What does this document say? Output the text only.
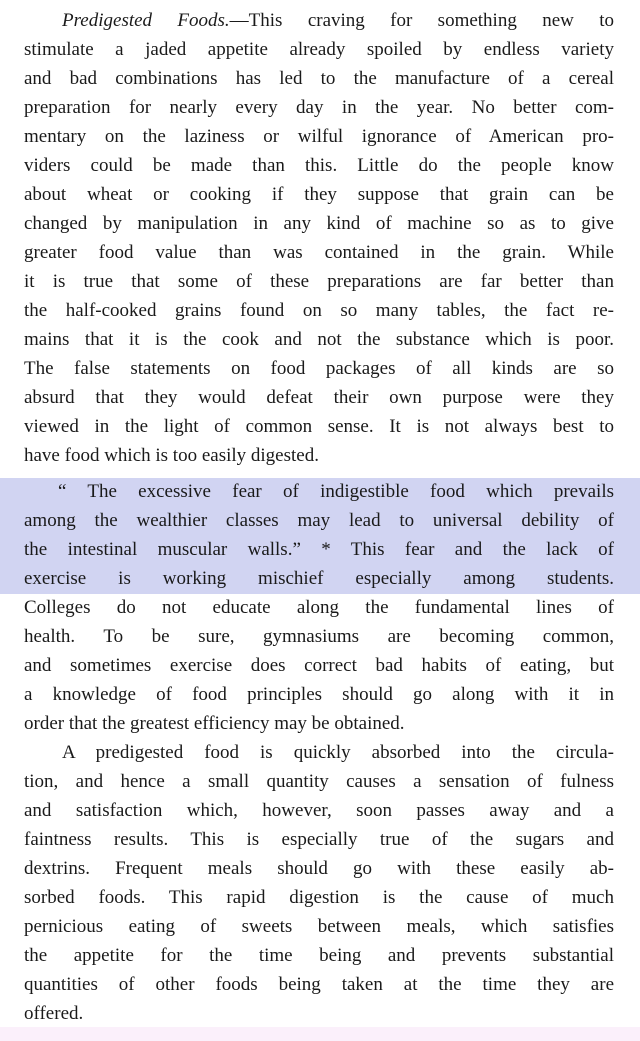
Predigested Foods.—This craving for something new to
stimulate a jaded appetite already spoiled by endless variety
and bad combinations has led to the manufacture of a cereal
preparation for nearly every day in the year. No better com-
mentary on the laziness or wilful ignorance of American pro-
viders could be made than this. Little do the people know
about wheat or cooking if they suppose that grain can be
changed by manipulation in any kind of machine so as to give
greater food value than was contained in the grain. While
it is true that some of these preparations are far better than
the half-cooked grains found on so many tables, the fact re-
mains that it is the cook and not the substance which is poor.
The false statements on food packages of all kinds are so
absurd that they would defeat their own purpose were they
viewed in the light of common sense. It is not always best to
have food which is too easily digested.
“ The excessive fear of indigestible food which prevails
among the wealthier classes may lead to universal debility of
the intestinal muscular walls.” * This fear and the lack of
exercise is working mischief especially among students.
Colleges do not educate along the fundamental lines of
health. To be sure, gymnasiums are becoming common,
and sometimes exercise does correct bad habits of eating, but
a knowledge of food principles should go along with it in
order that the greatest efficiency may be obtained.
A predigested food is quickly absorbed into the circula-
tion, and hence a small quantity causes a sensation of fulness
and satisfaction which, however, soon passes away and a
faintness results. This is especially true of the sugars and
dextrins. Frequent meals should go with these easily ab-
sorbed foods. This rapid digestion is the cause of much
pernicious eating of sweets between meals, which satisfies
the appetite for the time being and prevents substantial
quantities of other foods being taken at the time they are
offered.
